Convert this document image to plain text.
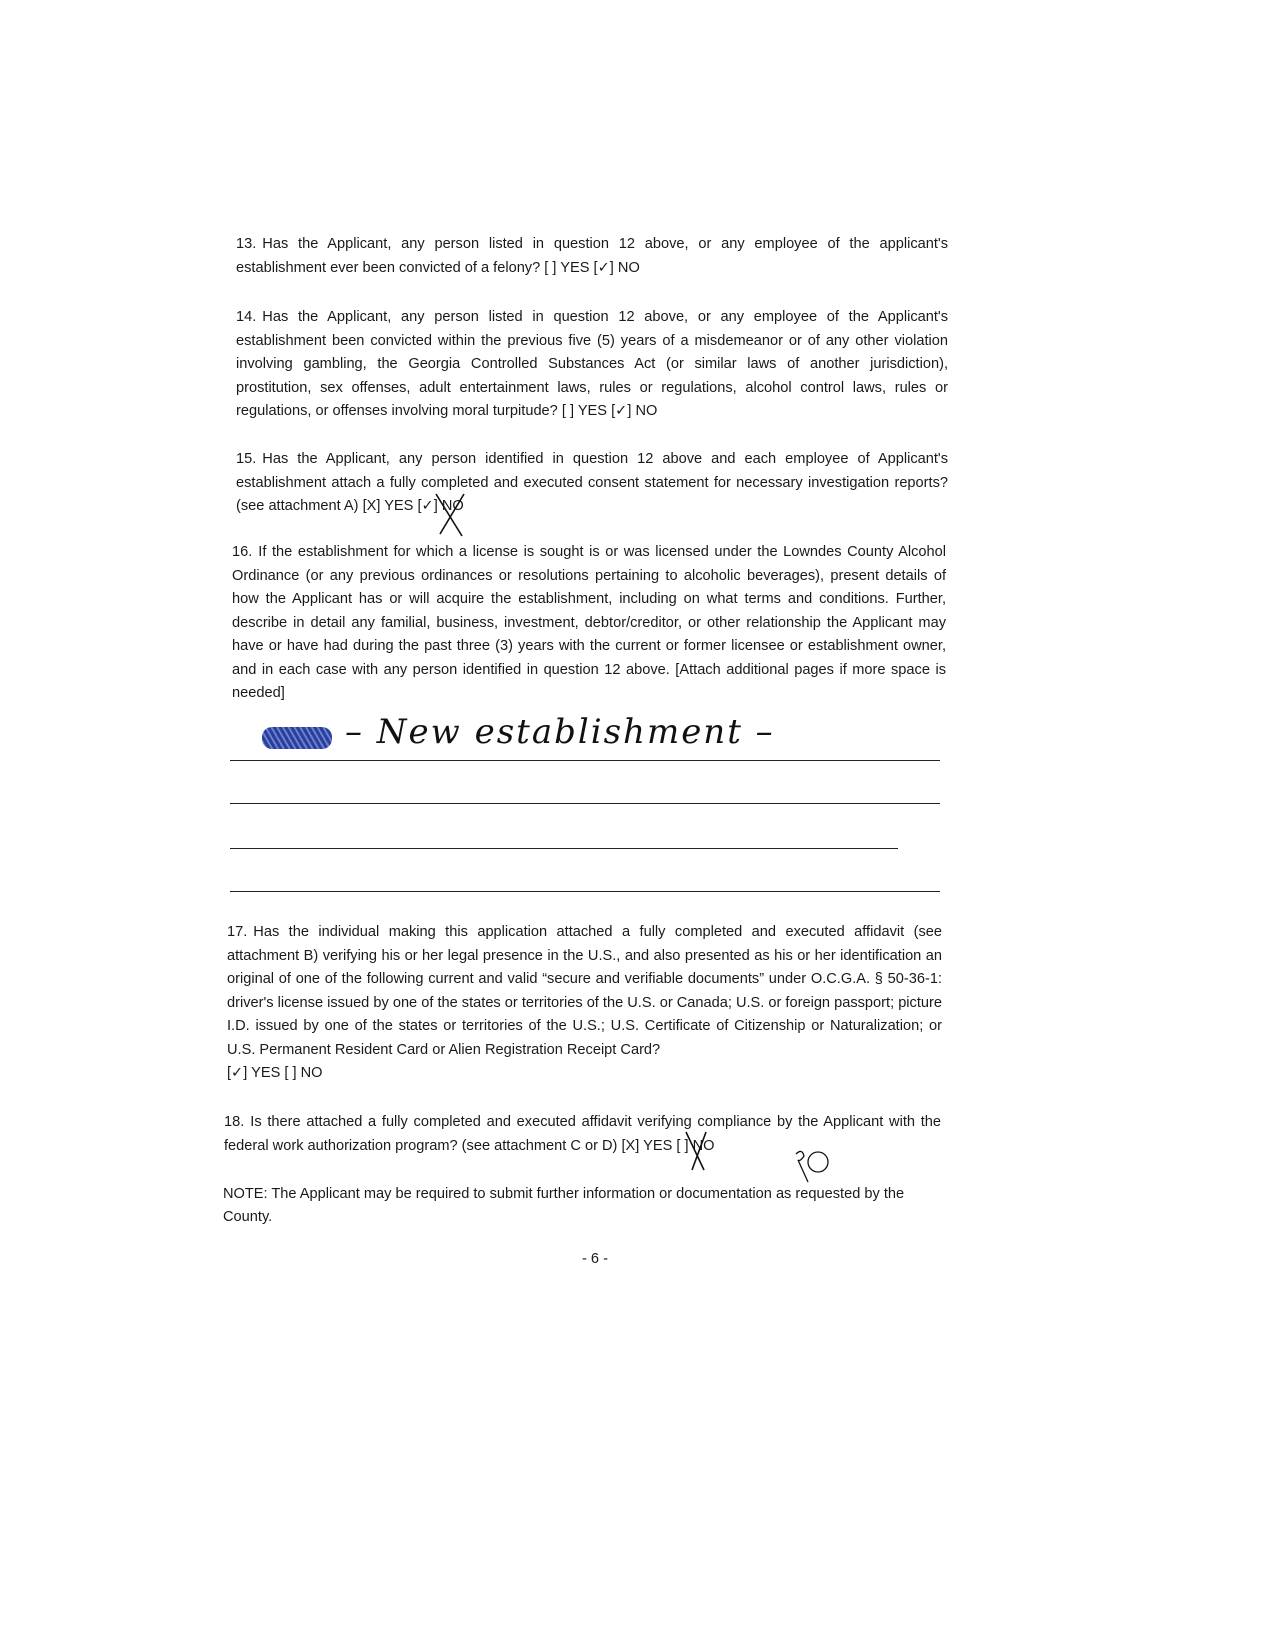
13. Has the Applicant, any person listed in question 12 above, or any employee of the applicant's establishment ever been convicted of a felony? [ ] YES [✓] NO

14. Has the Applicant, any person listed in question 12 above, or any employee of the Applicant's establishment been convicted within the previous five (5) years of a misdemeanor or of any other violation involving gambling, the Georgia Controlled Substances Act (or similar laws of another jurisdiction), prostitution, sex offenses, adult entertainment laws, rules or regulations, alcohol control laws, rules or regulations, or offenses involving moral turpitude? [ ] YES [✓] NO

15. Has the Applicant, any person identified in question 12 above and each employee of Applicant's establishment attach a fully completed and executed consent statement for necessary investigation reports? (see attachment A) [X] YES [✓] NO

16. If the establishment for which a license is sought is or was licensed under the Lowndes County Alcohol Ordinance (or any previous ordinances or resolutions pertaining to alcoholic beverages), present details of how the Applicant has or will acquire the establishment, including on what terms and conditions. Further, describe in detail any familial, business, investment, debtor/creditor, or other relationship the Applicant may have or have had during the past three (3) years with the current or former licensee or establishment owner, and in each case with any person identified in question 12 above. [Attach additional pages if more space is needed]

– New establishment –

17. Has the individual making this application attached a fully completed and executed affidavit (see attachment B) verifying his or her legal presence in the U.S., and also presented as his or her identification an original of one of the following current and valid “secure and verifiable documents” under O.C.G.A. § 50-36-1: driver's license issued by one of the states or territories of the U.S. or Canada; U.S. or foreign passport; picture I.D. issued by one of the states or territories of the U.S.; U.S. Certificate of Citizenship or Naturalization; or U.S. Permanent Resident Card or Alien Registration Receipt Card?
[✓] YES [ ] NO

18. Is there attached a fully completed and executed affidavit verifying compliance by the Applicant with the federal work authorization program? (see attachment C or D) [X] YES [ ] NO

NOTE: The Applicant may be required to submit further information or documentation as requested by the County.
- 6 -
